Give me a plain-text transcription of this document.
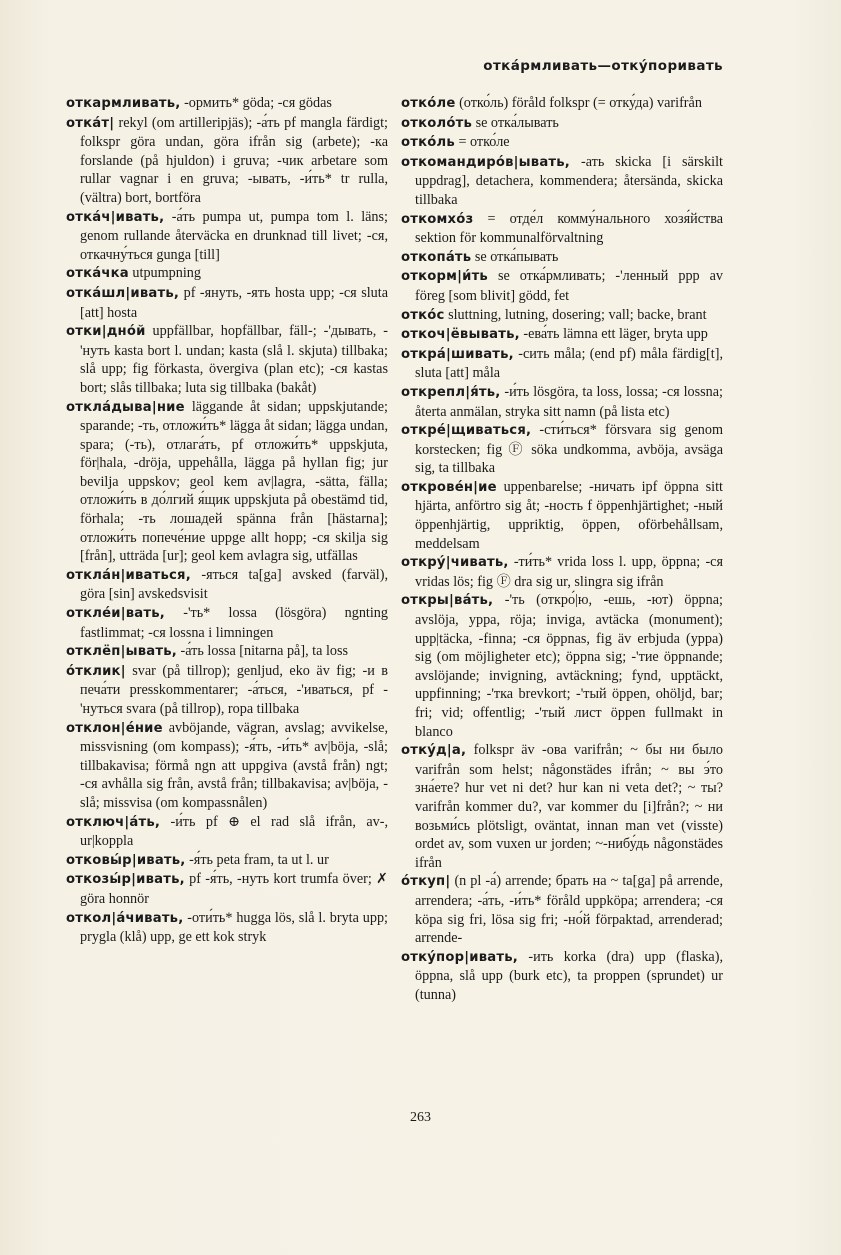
отка́рмливать—отку́поривать

откармливать, -ормить* göda; -ся gödas

отка́т| rekyl (om artilleripjäs); -а́ть pf mangla färdigt; folkspr göra undan, göra ifrån sig (arbete); -ка forslande (på hjuldon) i gruva; -чик arbetare som rullar vagnar i en gruva; -ывать, -и́ть* tr rulla, (vältra) bort, bortföra

отка́ч|ивать, -а́ть pumpa ut, pumpa tom l. läns; genom rullande återväcka en drunknad till livet; -ся, откачну́ться gunga [till]

отка́чка utpumpning

отка́шл|ивать, pf -януть, -ять hosta upp; -ся sluta [att] hosta

отки|дно́й uppfällbar, hopfällbar, fäll-; -'дывать, -'нуть kasta bort l. undan; kasta (slå l. skjuta) tillbaka; slå upp; fig förkasta, övergiva (plan etc); -ся kastas bort; slås tillbaka; luta sig tillbaka (bakåt)

откла́дыва|ние läggande åt sidan; uppskjutande; sparande; -ть, отложи́ть* lägga åt sidan; lägga undan, spara; (-ть), отлага́ть, pf отложи́ть* uppskjuta, för|hala, -dröja, uppehålla, lägga på hyllan fig; jur bevilja uppskov; geol kem av|lagra, -sätta, fälla; отложи́ть в до́лгий я́щик uppskjuta på obestämd tid, förhala; -ть лошадей spänna från [hästarna]; отложи́ть попече́ние uppge allt hopp; -ся skilja sig [från], utträda [ur]; geol kem avlagra sig, utfällas

откла́н|иваться, -яться ta[ga] avsked (farväl), göra [sin] avskedsvisit

откле́и|вать, -'ть* lossa (lösgöra) ngnting fastlimmat; -ся lossna i limningen

отклёп|ывать, -а́ть lossa [nitarna på], ta loss

о́тклик| svar (på tillrop); genljud, eko äv fig; -и в печа́ти presskommentarer; -а́ться, -'иваться, pf -'нуться svara (på tillrop), ropa tillbaka

отклон|е́ние avböjande, vägran, avslag; avvikelse, missvisning (om kompass); -я́ть, -и́ть* av|böja, -slå; tillbakavisa; förmå ngn att uppgiva (avstå från) ngt; -ся avhålla sig från, avstå från; tillbakavisa; av|böja, -slå; missvisa (om kompassnålen)

отключ|а́ть, -и́ть pf ⊕ el rad slå ifrån, av-, ur|koppla

отковы́р|ивать, -я́ть peta fram, ta ut l. ur

откозы́р|ивать, pf -я́ть, -нуть kort trumfa över; ✗ göra honnör

откол|а́чивать, -оти́ть* hugga lös, slå l. bryta upp; prygla (klå) upp, ge ett kok stryk

отко́ле (отко́ль) föråld folkspr (= отку́да) varifrån

отколо́ть se отка́лывать

отко́ль = отко́ле

откомандиро́в|ывать, -ать skicka [i särskilt uppdrag], detachera, kommendera; återsända, skicka tillbaka

откомхо́з = отде́л комму́нального хозя́йства sektion för kommunalförvaltning

откопа́ть se отка́пывать

откорм|и́ть se отка́рмливать; -'ленный ppp av föreg [som blivit] gödd, fet

отко́с sluttning, lutning, dosering; vall; backe, brant

откоч|ёвывать, -ева́ть lämna ett läger, bryta upp

откра́|шивать, -сить måla; (end pf) måla färdig[t], sluta [att] måla

открепл|я́ть, -и́ть lösgöra, ta loss, lossa; -ся lossna; återta anmälan, stryka sitt namn (på lista etc)

откре́|щиваться, -сти́ться* försvara sig genom korstecken; fig Ⓕ söka undkomma, avböja, avsäga sig, ta tillbaka

открове́н|ие uppenbarelse; -ничать ipf öppna sitt hjärta, anförtro sig åt; -ность f öppenhjärtighet; -ный öppenhjärtig, uppriktig, öppen, oförbehållsam, meddelsam

откру́|чивать, -ти́ть* vrida loss l. upp, öppna; -ся vridas lös; fig Ⓕ dra sig ur, slingra sig ifrån

откры|ва́ть, -'ть (откро́|ю, -ешь, -ют) öppna; avslöja, yppa, röja; inviga, avtäcka (monument); upp|täcka, -finna; -ся öppnas, fig äv erbjuda (yppa) sig (om möjligheter etc); öppna sig; -'тие öppnande; avslöjande; invigning, avtäckning; fynd, upptäckt, uppfinning; -'тка brevkort; -'тый öppen, ohöljd, bar; fri; vid; offentlig; -'тый лист öppen fullmakt in blanco

отку́д|а, folkspr äv -ова varifrån; ~ бы ни было varifrån som helst; någonstädes ifrån; ~ вы э́то зна́ете? hur vet ni det? hur kan ni veta det?; ~ ты? varifrån kommer du?, var kommer du [i]från?; ~ ни возьми́сь plötsligt, oväntat, innan man vet (visste) ordet av, som vuxen ur jorden; ~-нибу́дь någonstädes ifrån

о́ткуп| (n pl -а́) arrende; брать на ~ ta[ga] på arrende, arrendera; -а́ть, -и́ть* föråld uppköpa; arrendera; -ся köpa sig fri, lösa sig fri; -но́й förpaktad, arrenderad; arrende-

отку́пор|ивать, -ить korka (dra) upp (flaska), öppna, slå upp (burk etc), ta proppen (sprundet) ur (tunna)

263
